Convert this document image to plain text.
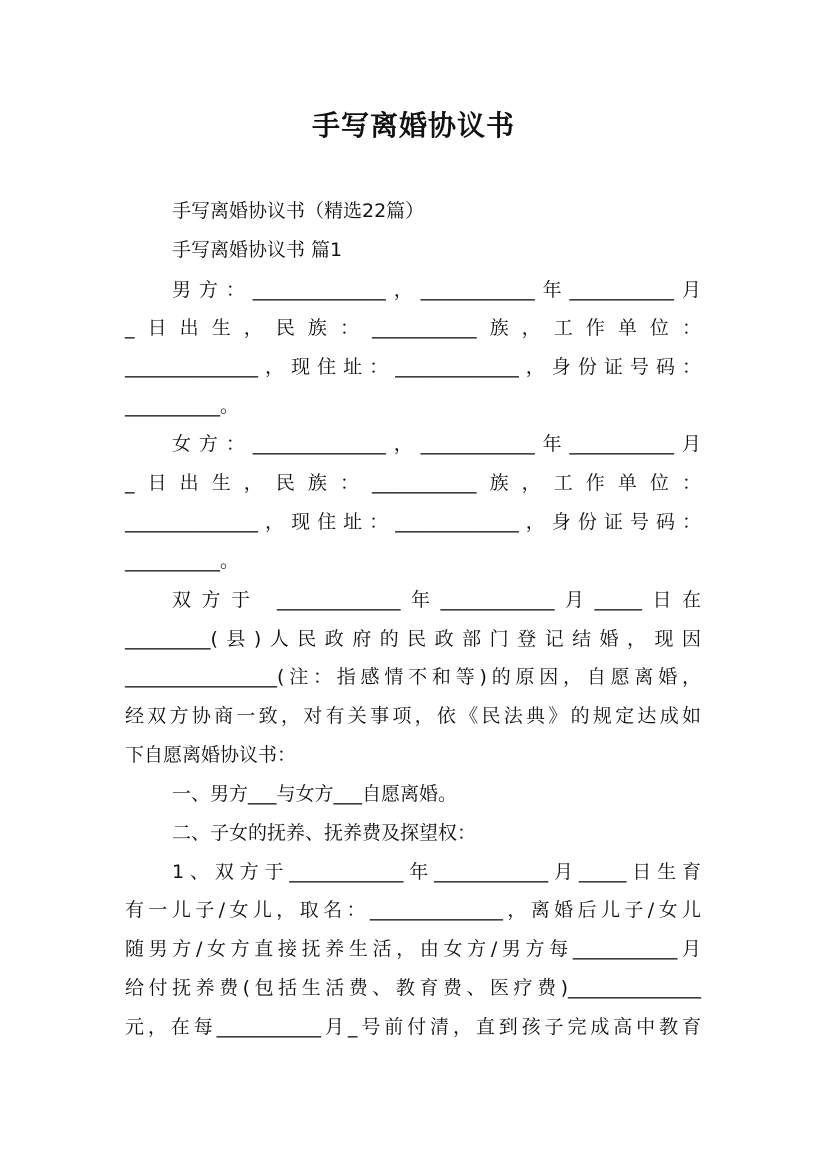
手写离婚协议书
手写离婚协议书（精选22篇）
手写离婚协议书 篇1
男方：______________，____________年___________月
_日出生，民族：___________族，工作单位：
______________，现住址：_____________，身份证号码：
__________。
女方：______________，____________年___________月
_日出生，民族：___________族，工作单位：
______________，现住址：_____________，身份证号码：
__________。
双方于 _____________年____________月_____日在
_________(县)人民政府的民政部门登记结婚，现因
________________(注：指感情不和等)的原因，自愿离婚，
经双方协商一致，对有关事项，依《民法典》的规定达成如
下自愿离婚协议书：
一、男方___与女方___自愿离婚。
二、子女的抚养、抚养费及探望权：
1、双方于____________年____________月_____日生育
有一儿子/女儿，取名：______________，离婚后儿子/女儿
随男方/女方直接抚养生活，由女方/男方每___________月
给付抚养费(包括生活费、教育费、医疗费)______________
元，在每___________月_号前付清，直到孩子完成高中教育
